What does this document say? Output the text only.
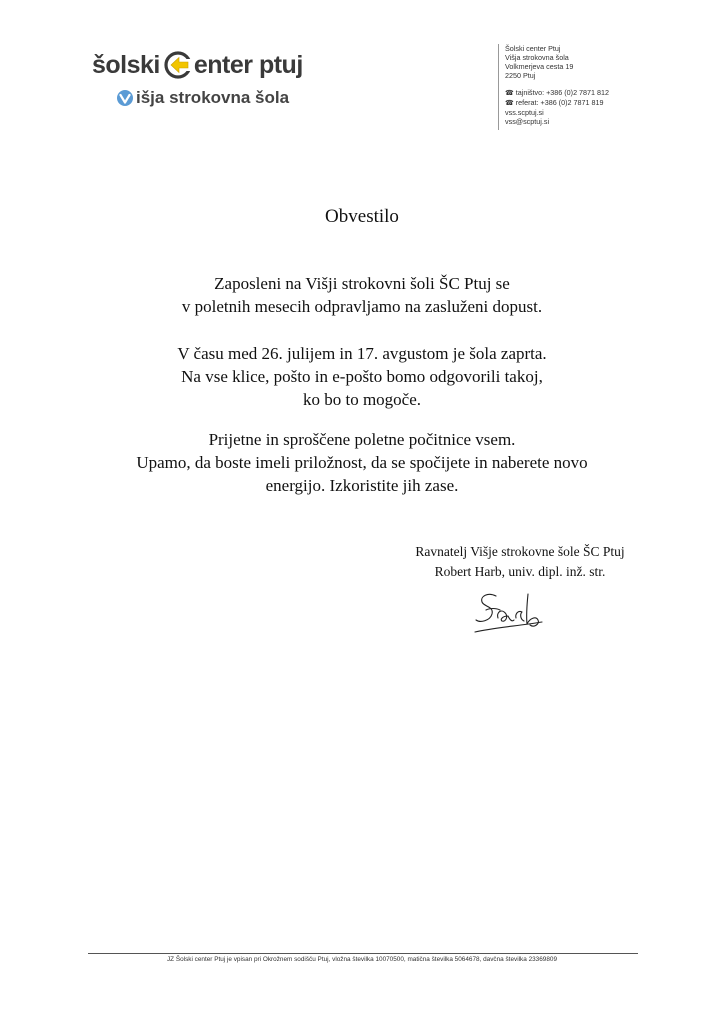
šolski enter ptuj
išja strokovna šola
Šolski center Ptuj
Višja strokovna šola
Volkmerjeva cesta 19
2250 Ptuj
☎ tajništvo: +386 (0)2 7871 812
☎ referat: +386 (0)2 7871 819
vss.scptuj.si
vss@scptuj.si
Obvestilo
Zaposleni na Višji strokovni šoli ŠC Ptuj se
v poletnih mesecih odpravljamo na zasluženi dopust.
V času med 26. julijem in 17. avgustom je šola zaprta.
Na vse klice, pošto in e-pošto bomo odgovorili takoj,
ko bo to mogoče.
Prijetne in sproščene poletne počitnice vsem.
Upamo, da boste imeli priložnost, da se spočijete in naberete novo
energijo. Izkoristite jih zase.
Ravnatelj Višje strokovne šole ŠC Ptuj
Robert Harb, univ. dipl. inž. str.
JZ Šolski center Ptuj je vpisan pri Okrožnem sodišču Ptuj, vložna številka 10070500, matična številka 5064678, davčna številka 23369809
